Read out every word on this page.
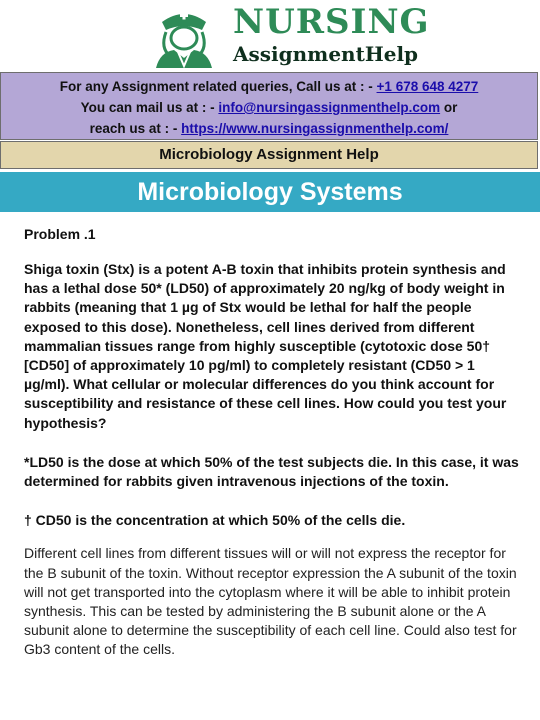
NURSING
AssignmentHelp
For any Assignment related queries, Call us at : - +1 678 648 4277
You can mail us at : - info@nursingassignmenthelp.com or
reach us at : - https://www.nursingassignmenthelp.com/
Microbiology Assignment Help
Microbiology Systems

Problem .1

Shiga toxin (Stx) is a potent A-B toxin that inhibits protein synthesis and has a lethal dose 50* (LD50) of approximately 20 ng/kg of body weight in rabbits (meaning that 1 µg of Stx would be lethal for half the people exposed to this dose). Nonetheless, cell lines derived from different mammalian tissues range from highly susceptible (cytotoxic dose 50† [CD50] of approximately 10 pg/ml) to completely resistant (CD50 > 1 µg/ml). What cellular or molecular differences do you think account for susceptibility and resistance of these cell lines. How could you test your hypothesis?

*LD50 is the dose at which 50% of the test subjects die. In this case, it was determined for rabbits given intravenous injections of the toxin.

† CD50 is the concentration at which 50% of the cells die.

Different cell lines from different tissues will or will not express the receptor for the B subunit of the toxin. Without receptor expression the A subunit of the toxin will not get transported into the cytoplasm where it will be able to inhibit protein synthesis. This can be tested by administering the B subunit alone or the A subunit alone to determine the susceptibility of each cell line. Could also test for Gb3 content of the cells.
